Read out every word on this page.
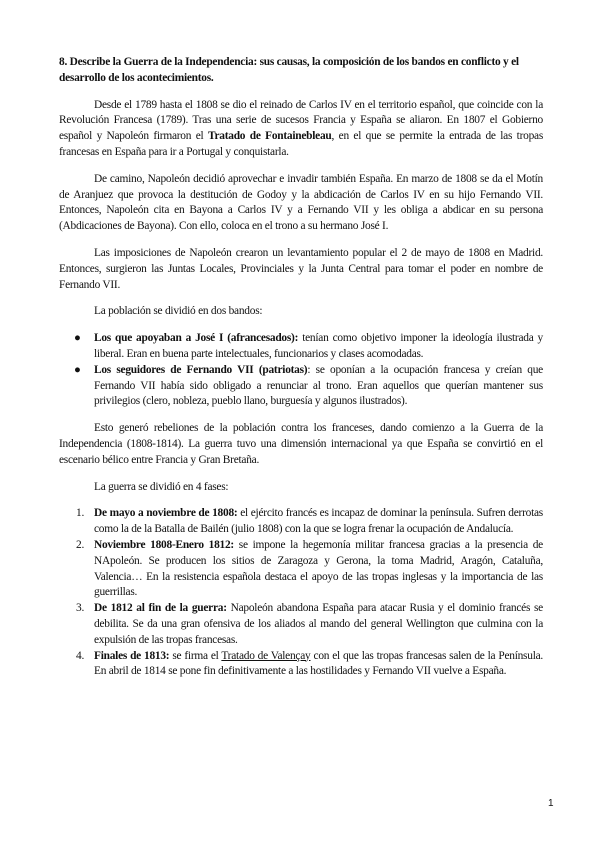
8. Describe la Guerra de la Independencia: sus causas, la composición de los bandos en conflicto y el desarrollo de los acontecimientos.

Desde el 1789 hasta el 1808 se dio el reinado de Carlos IV en el territorio español, que coincide con la Revolución Francesa (1789). Tras una serie de sucesos Francia y España se aliaron. En 1807 el Gobierno español y Napoleón firmaron el Tratado de Fontainebleau, en el que se permite la entrada de las tropas francesas en España para ir a Portugal y conquistarla.

De camino, Napoleón decidió aprovechar e invadir también España. En marzo de 1808 se da el Motín de Aranjuez que provoca la destitución de Godoy y la abdicación de Carlos IV en su hijo Fernando VII. Entonces, Napoleón cita en Bayona a Carlos IV y a Fernando VII y les obliga a abdicar en su persona (Abdicaciones de Bayona). Con ello, coloca en el trono a su hermano José I.

Las imposiciones de Napoleón crearon un levantamiento popular el 2 de mayo de 1808 en Madrid. Entonces, surgieron las Juntas Locales, Provinciales y la Junta Central para tomar el poder en nombre de Fernando VII.

La población se dividió en dos bandos:

● Los que apoyaban a José I (afrancesados): tenían como objetivo imponer la ideología ilustrada y liberal. Eran en buena parte intelectuales, funcionarios y clases acomodadas.
● Los seguidores de Fernando VII (patriotas): se oponían a la ocupación francesa y creían que Fernando VII había sido obligado a renunciar al trono. Eran aquellos que querían mantener sus privilegios (clero, nobleza, pueblo llano, burguesía y algunos ilustrados).

Esto generó rebeliones de la población contra los franceses, dando comienzo a la Guerra de la Independencia (1808-1814). La guerra tuvo una dimensión internacional ya que España se convirtió en el escenario bélico entre Francia y Gran Bretaña.

La guerra se dividió en 4 fases:

1. De mayo a noviembre de 1808: el ejército francés es incapaz de dominar la península. Sufren derrotas como la de la Batalla de Bailén (julio 1808) con la que se logra frenar la ocupación de Andalucía.
2. Noviembre 1808-Enero 1812: se impone la hegemonía militar francesa gracias a la presencia de NApoleón. Se producen los sitios de Zaragoza y Gerona, la toma Madrid, Aragón, Cataluña, Valencia… En la resistencia española destaca el apoyo de las tropas inglesas y la importancia de las guerrillas.
3. De 1812 al fin de la guerra: Napoleón abandona España para atacar Rusia y el dominio francés se debilita. Se da una gran ofensiva de los aliados al mando del general Wellington que culmina con la expulsión de las tropas francesas.
4. Finales de 1813: se firma el Tratado de Valençay con el que las tropas francesas salen de la Península. En abril de 1814 se pone fin definitivamente a las hostilidades y Fernando VII vuelve a España.
1
